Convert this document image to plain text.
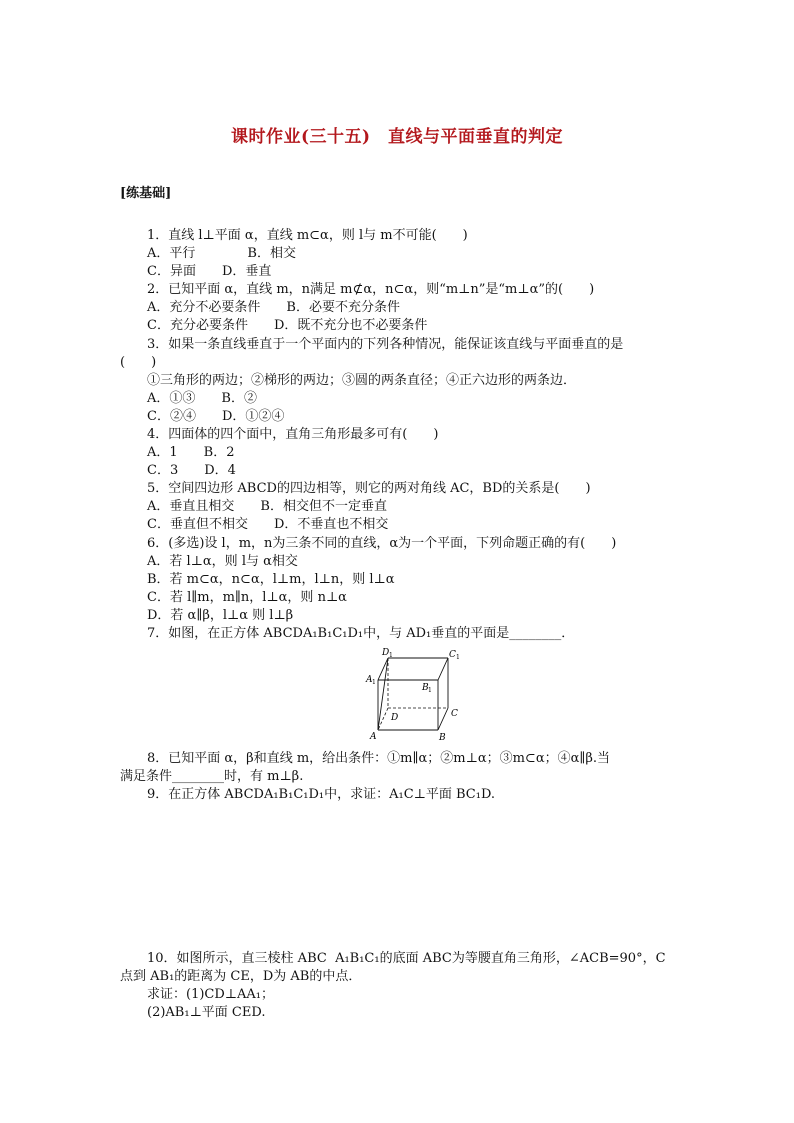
课时作业(三十五)　直线与平面垂直的判定
[练基础]
1．直线 l⊥平面 α，直线 m⊂α，则 l与 m不可能(　　)
A．平行　　　　B．相交
C．异面　　D．垂直
2．已知平面 α，直线 m，n满足 m⊄α，n⊂α，则“m⊥n”是“m⊥α”的(　　)
A．充分不必要条件　　B．必要不充分条件
C．充分必要条件　　D．既不充分也不必要条件
3．如果一条直线垂直于一个平面内的下列各种情况，能保证该直线与平面垂直的是
(　　)
①三角形的两边；②梯形的两边；③圆的两条直径；④正六边形的两条边．
A．①③　　B．②
C．②④　　D．①②④
4．四面体的四个面中，直角三角形最多可有(　　)
A．1　　B．2
C．3　　D．4
5．空间四边形 ABCD的四边相等，则它的两对角线 AC，BD的关系是(　　)
A．垂直且相交　　B．相交但不一定垂直
C．垂直但不相交　　D．不垂直也不相交
6．(多选)设 l，m，n为三条不同的直线，α为一个平面，下列命题正确的有(　　)
A．若 l⊥α，则 l与 α相交
B．若 m⊂α，n⊂α，l⊥m，l⊥n，则 l⊥α
C．若 l∥m，m∥n，l⊥α，则 n⊥α
D．若 α∥β，l⊥α 则 l⊥β
7．如图，在正方体 ABCDA₁B₁C₁D₁中，与 AD₁垂直的平面是________．
D 1	C 1
A 1
B 1
D	C
A	B
8．已知平面 α，β和直线 m，给出条件：①m∥α；②m⊥α；③m⊂α；④α∥β.当
满足条件________时，有 m⊥β.
9．在正方体 ABCDA₁B₁C₁D₁中，求证：A₁C⊥平面 BC₁D.
10．如图所示，直三棱柱 ABC A₁B₁C₁的底面 ABC为等腰直角三角形，∠ACB=90°，C
点到 AB₁的距离为 CE，D为 AB的中点．
求证：(1)CD⊥AA₁；
(2)AB₁⊥平面 CED.
